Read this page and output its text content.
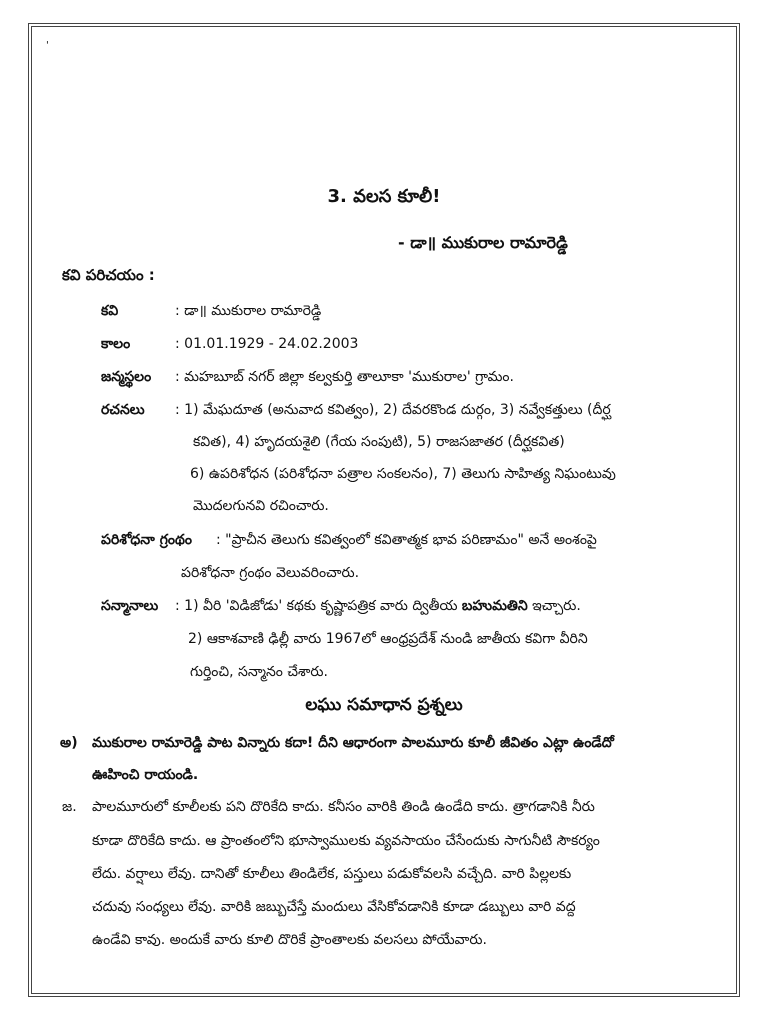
'
3. వలస కూలీ!
- డా॥ ముకురాల రామారెడ్డి
కవి పరిచయం :
కవి	: డా॥ ముకురాల రామారెడ్డి
కాలం	: 01.01.1929 - 24.02.2003
జన్మస్థలం : మహబూబ్ నగర్ జిల్లా కల్వకుర్తి తాలూకా 'ముకురాల' గ్రామం.
రచనలు : 1) మేఘదూత (అనువాద కవిత్వం), 2) దేవరకొండ దుర్గం, 3) నవ్వేకత్తులు (దీర్ఘ
కవిత), 4) హృదయశైలి (గేయ సంపుటి), 5) రాజసజాతర (దీర్ఘకవిత)
6) ఉపరిశోధన (పరిశోధనా పత్రాల సంకలనం), 7) తెలుగు సాహిత్య నిఘంటువు
మొదలగునవి రచించారు.
పరిశోధనా గ్రంథం : "ప్రాచీన తెలుగు కవిత్వంలో కవితాత్మక భావ పరిణామం" అనే అంశంపై
పరిశోధనా గ్రంథం వెలువరించారు.
సన్మానాలు : 1) వీరి 'విడిజోడు' కథకు కృష్ణాపత్రిక వారు ద్వితీయ బహుమతిని ఇచ్చారు.
2) ఆకాశవాణి ఢిల్లీ వారు 1967లో ఆంధ్రప్రదేశ్ నుండి జాతీయ కవిగా వీరిని
గుర్తించి, సన్మానం చేశారు.
లఘు సమాధాన ప్రశ్నలు
అ) ముకురాల రామారెడ్డి పాట విన్నారు కదా! దీని ఆధారంగా పాలమూరు కూలీ జీవితం ఎట్లా ఉండేదో
ఊహించి రాయండి.
జ. పాలమూరులో కూలీలకు పని దొరికేది కాదు. కనీసం వారికి తిండి ఉండేది కాదు. త్రాగడానికి నీరు
కూడా దొరికేది కాదు. ఆ ప్రాంతంలోని భూస్వాములకు వ్యవసాయం చేసేందుకు సాగునీటి సౌకర్యం
లేదు. వర్షాలు లేవు. దానితో కూలీలు తిండిలేక, పస్తులు పడుకోవలసి వచ్చేది. వారి పిల్లలకు
చదువు సంధ్యలు లేవు. వారికి జబ్బుచేస్తే మందులు వేసికోవడానికి కూడా డబ్బులు వారి వద్ద
ఉండేవి కావు. అందుకే వారు కూలి దొరికే ప్రాంతాలకు వలసలు పోయేవారు.
